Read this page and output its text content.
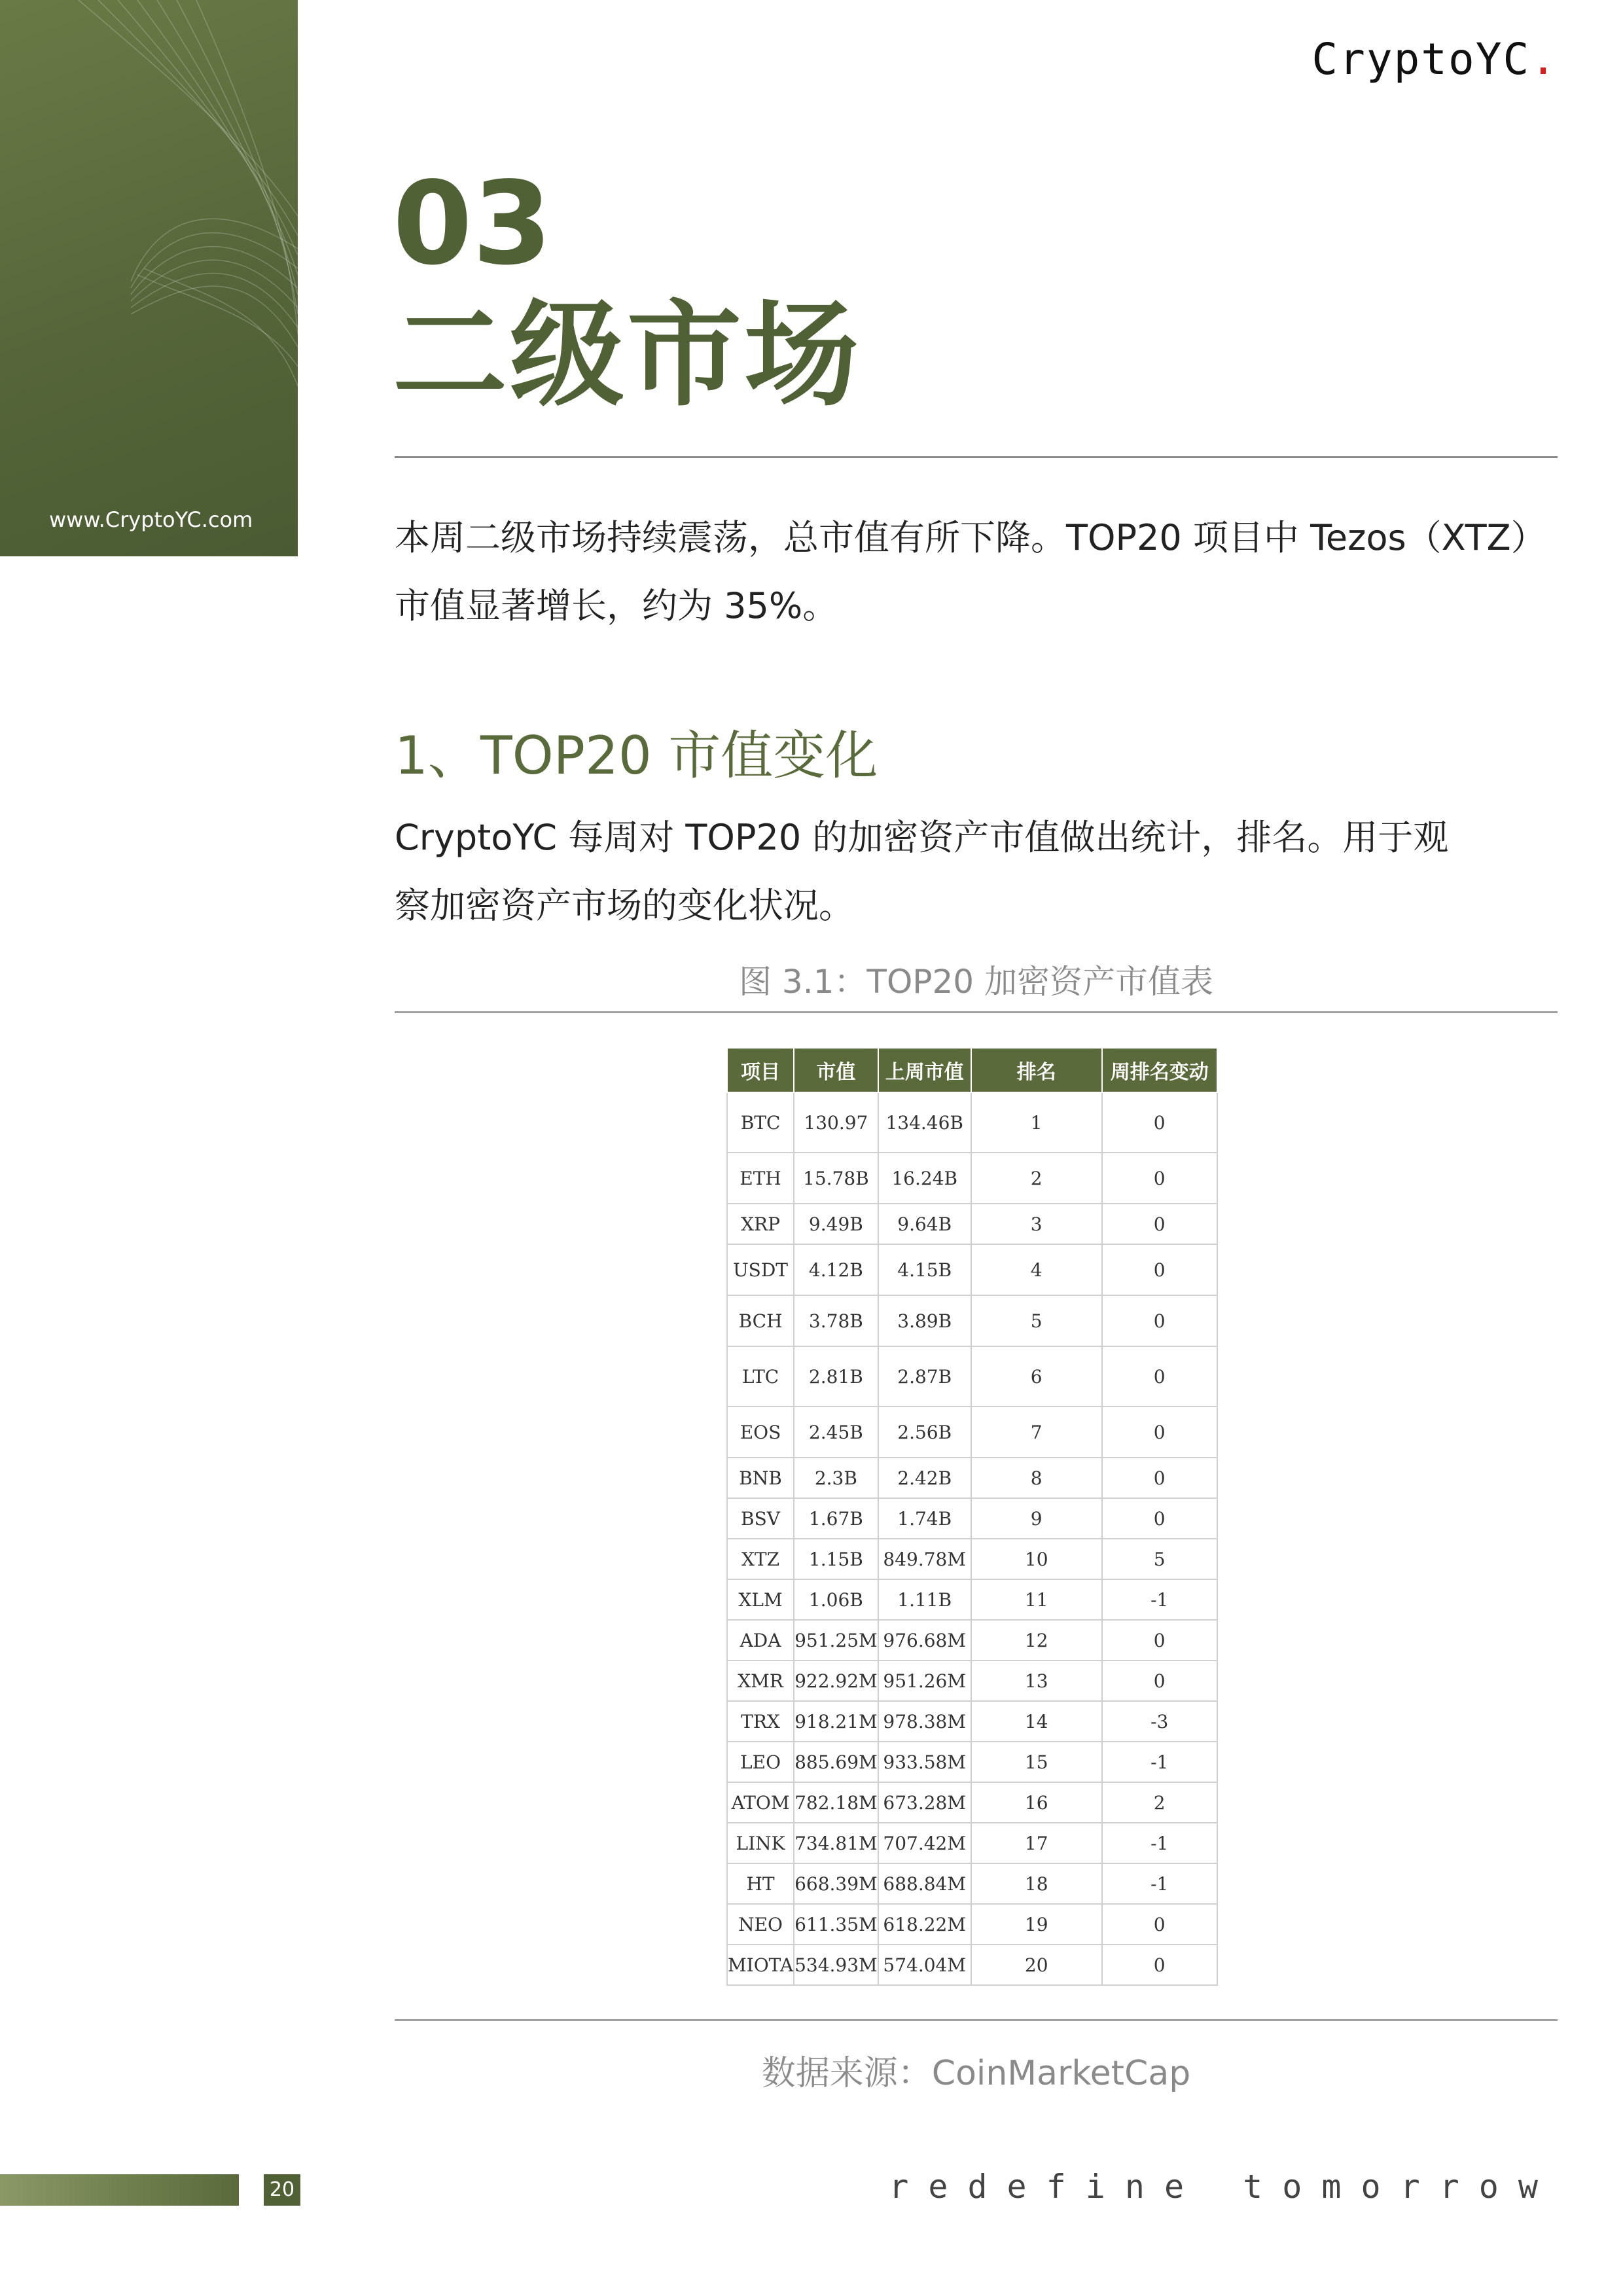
www.CryptoYC.com
CryptoYC.
03
二级市场
本周二级市场持续震荡，总市值有所下降。TOP20 项目中 Tezos（XTZ）
市值显著增长，约为 35%。
1、TOP20 市值变化
CryptoYC 每周对 TOP20 的加密资产市值做出统计，排名。用于观
察加密资产市场的变化状况。
图 3.1：TOP20 加密资产市值表
项目	市值	上周市值	排名	周排名变动
BTC	130.97	134.46B	1	0
ETH	15.78B	16.24B	2	0
XRP	9.49B	9.64B	3	0
USDT	4.12B	4.15B	4	0
BCH	3.78B	3.89B	5	0
LTC	2.81B	2.87B	6	0
EOS	2.45B	2.56B	7	0
BNB	2.3B	2.42B	8	0
BSV	1.67B	1.74B	9	0
XTZ	1.15B	849.78M	10	5
XLM	1.06B	1.11B	11	-1
ADA	951.25M	976.68M	12	0
XMR	922.92M	951.26M	13	0
TRX	918.21M	978.38M	14	-3
LEO	885.69M	933.58M	15	-1
ATOM	782.18M	673.28M	16	2
LINK	734.81M	707.42M	17	-1
HT	668.39M	688.84M	18	-1
NEO	611.35M	618.22M	19	0
MIOTA	534.93M	574.04M	20	0
数据来源：CoinMarketCap
20	redefine tomorrow
